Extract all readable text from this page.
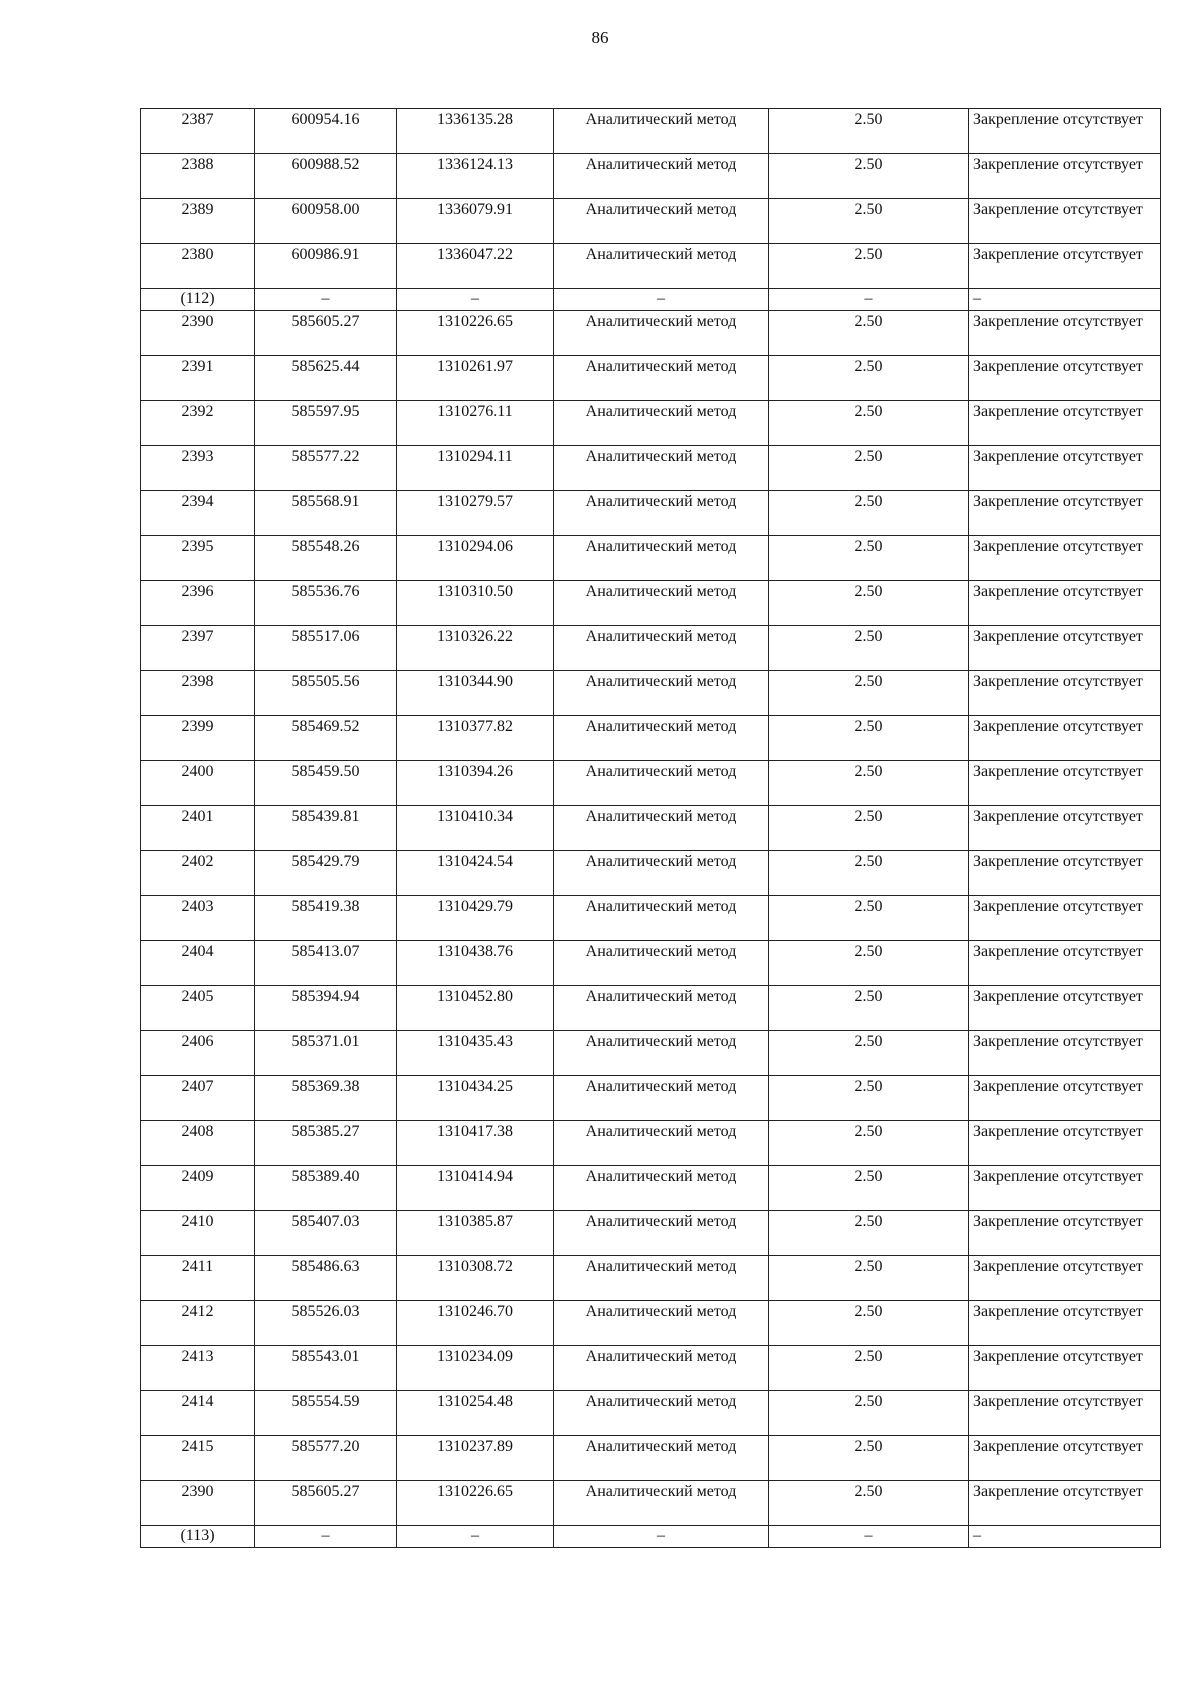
86
2387	600954.16	1336135.28	Аналитический метод	2.50	Закрепление отсутствует
2388	600988.52	1336124.13	Аналитический метод	2.50	Закрепление отсутствует
2389	600958.00	1336079.91	Аналитический метод	2.50	Закрепление отсутствует
2380	600986.91	1336047.22	Аналитический метод	2.50	Закрепление отсутствует
(112)	–	–	–	–	–
2390	585605.27	1310226.65	Аналитический метод	2.50	Закрепление отсутствует
2391	585625.44	1310261.97	Аналитический метод	2.50	Закрепление отсутствует
2392	585597.95	1310276.11	Аналитический метод	2.50	Закрепление отсутствует
2393	585577.22	1310294.11	Аналитический метод	2.50	Закрепление отсутствует
2394	585568.91	1310279.57	Аналитический метод	2.50	Закрепление отсутствует
2395	585548.26	1310294.06	Аналитический метод	2.50	Закрепление отсутствует
2396	585536.76	1310310.50	Аналитический метод	2.50	Закрепление отсутствует
2397	585517.06	1310326.22	Аналитический метод	2.50	Закрепление отсутствует
2398	585505.56	1310344.90	Аналитический метод	2.50	Закрепление отсутствует
2399	585469.52	1310377.82	Аналитический метод	2.50	Закрепление отсутствует
2400	585459.50	1310394.26	Аналитический метод	2.50	Закрепление отсутствует
2401	585439.81	1310410.34	Аналитический метод	2.50	Закрепление отсутствует
2402	585429.79	1310424.54	Аналитический метод	2.50	Закрепление отсутствует
2403	585419.38	1310429.79	Аналитический метод	2.50	Закрепление отсутствует
2404	585413.07	1310438.76	Аналитический метод	2.50	Закрепление отсутствует
2405	585394.94	1310452.80	Аналитический метод	2.50	Закрепление отсутствует
2406	585371.01	1310435.43	Аналитический метод	2.50	Закрепление отсутствует
2407	585369.38	1310434.25	Аналитический метод	2.50	Закрепление отсутствует
2408	585385.27	1310417.38	Аналитический метод	2.50	Закрепление отсутствует
2409	585389.40	1310414.94	Аналитический метод	2.50	Закрепление отсутствует
2410	585407.03	1310385.87	Аналитический метод	2.50	Закрепление отсутствует
2411	585486.63	1310308.72	Аналитический метод	2.50	Закрепление отсутствует
2412	585526.03	1310246.70	Аналитический метод	2.50	Закрепление отсутствует
2413	585543.01	1310234.09	Аналитический метод	2.50	Закрепление отсутствует
2414	585554.59	1310254.48	Аналитический метод	2.50	Закрепление отсутствует
2415	585577.20	1310237.89	Аналитический метод	2.50	Закрепление отсутствует
2390	585605.27	1310226.65	Аналитический метод	2.50	Закрепление отсутствует
(113)	–	–	–	–	–
